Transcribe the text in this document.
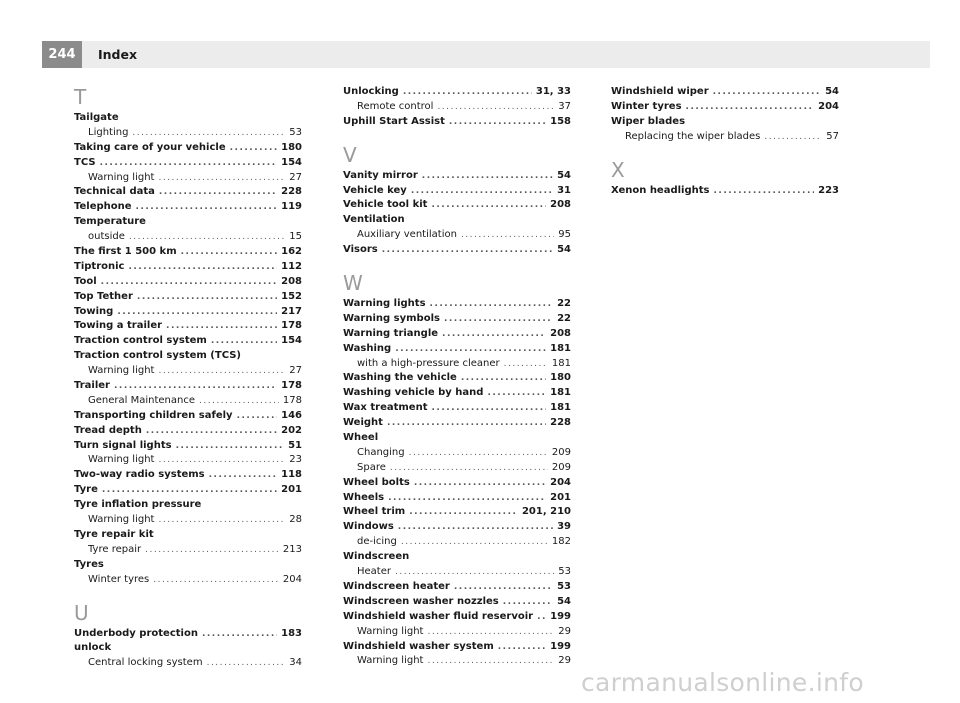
244	Index
T
Tailgate
Lighting .....	53
Taking care of your vehicle .....	180
TCS .....	154
Warning light .....	27
Technical data .....	228
Telephone .....	119
Temperature
outside .....	15
The first 1 500 km .....	162
Tiptronic .....	112
Tool .....	208
Top Tether .....	152
Towing .....	217
Towing a trailer .....	178
Traction control system .....	154
Traction control system (TCS)
Warning light .....	27
Trailer .....	178
General Maintenance .....	178
Transporting children safely .....	146
Tread depth .....	202
Turn signal lights .....	51
Warning light .....	23
Two-way radio systems .....	118
Tyre .....	201
Tyre inflation pressure
Warning light .....	28
Tyre repair kit
Tyre repair .....	213
Tyres
Winter tyres .....	204
U
Underbody protection .....	183
unlock
Central locking system .....	34
Unlocking .....	31, 33
Remote control .....	37
Uphill Start Assist .....	158
V
Vanity mirror .....	54
Vehicle key .....	31
Vehicle tool kit .....	208
Ventilation
Auxiliary ventilation .....	95
Visors .....	54
W
Warning lights .....	22
Warning symbols .....	22
Warning triangle .....	208
Washing .....	181
with a high-pressure cleaner .....	181
Washing the vehicle .....	180
Washing vehicle by hand .....	181
Wax treatment .....	181
Weight .....	228
Wheel
Changing .....	209
Spare .....	209
Wheel bolts .....	204
Wheels .....	201
Wheel trim .....	201, 210
Windows .....	39
de-icing .....	182
Windscreen
Heater .....	53
Windscreen heater .....	53
Windscreen washer nozzles .....	54
Windshield washer fluid reservoir ..... 199
Warning light .....	29
Windshield washer system .....	199
Warning light .....	29
Windshield wiper .....	54
Winter tyres .....	204
Wiper blades
Replacing the wiper blades .....	57
X
Xenon headlights .....	223
carmanualsonline.info
